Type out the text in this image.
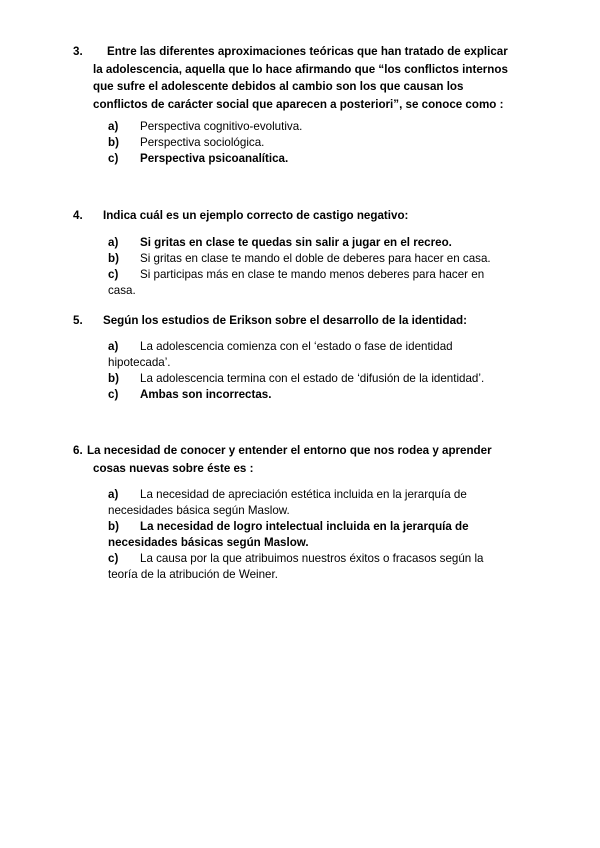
3. Entre las diferentes aproximaciones teóricas que han tratado de explicar
la adolescencia, aquella que lo hace afirmando que “los conflictos internos
que sufre el adolescente debidos al cambio son los que causan los
conflictos de carácter social que aparecen a posteriori”, se conoce como :
a) Perspectiva cognitivo-evolutiva.
b) Perspectiva sociológica.
c) Perspectiva psicoanalítica.
4. Indica cuál es un ejemplo correcto de castigo negativo:
a) Si gritas en clase te quedas sin salir a jugar en el recreo.
b) Si gritas en clase te mando el doble de deberes para hacer en casa.
c) Si participas más en clase te mando menos deberes para hacer en
casa.
5. Según los estudios de Erikson sobre el desarrollo de la identidad:
a) La adolescencia comienza con el ‘estado o fase de identidad
hipotecada’.
b) La adolescencia termina con el estado de ‘difusión de la identidad’.
c) Ambas son incorrectas.
6. La necesidad de conocer y entender el entorno que nos rodea y aprender
cosas nuevas sobre éste es :
a) La necesidad de apreciación estética incluida en la jerarquía de
necesidades básica según Maslow.
b) La necesidad de logro intelectual incluida en la jerarquía de
necesidades básicas según Maslow.
c) La causa por la que atribuimos nuestros éxitos o fracasos según la
teoría de la atribución de Weiner.
